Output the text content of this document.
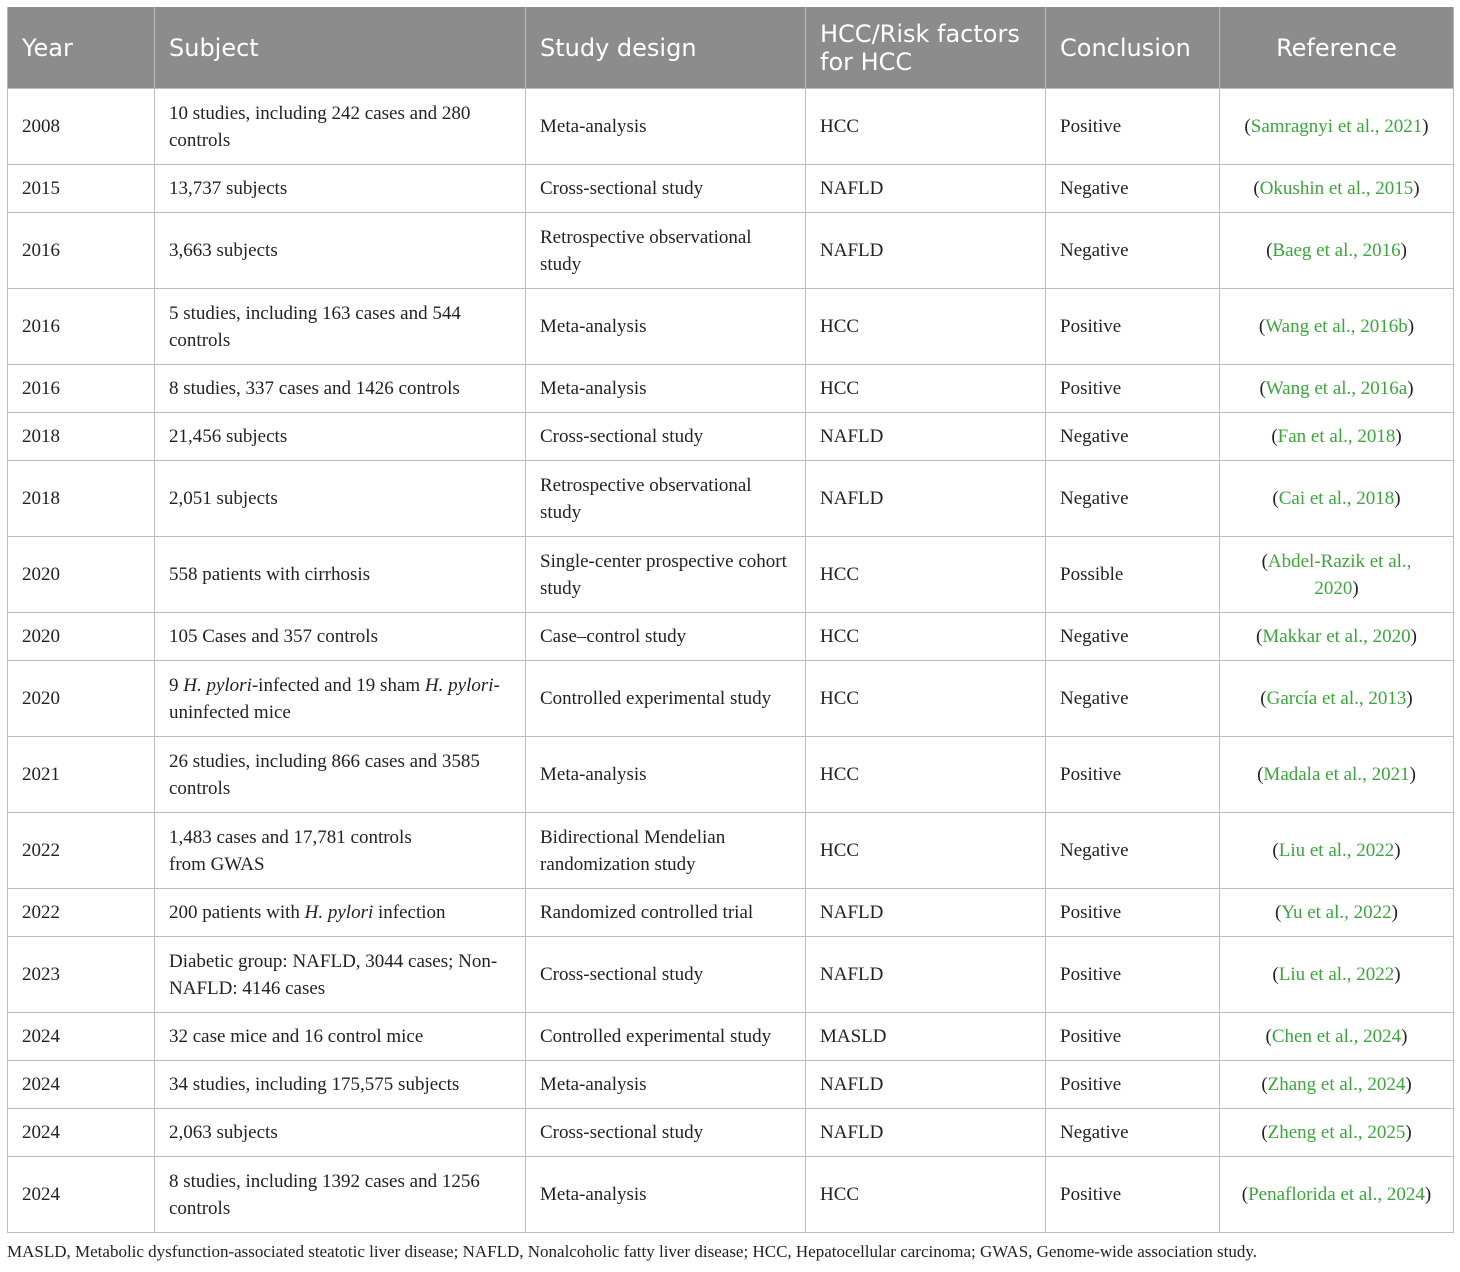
Year	Subject	Study design	HCC/Risk factors for HCC	Conclusion	Reference
2008	10 studies, including 242 cases and 280 controls	Meta-analysis	HCC	Positive	(Samragnyi et al., 2021)
2015	13,737 subjects	Cross-sectional study	NAFLD	Negative	(Okushin et al., 2015)
2016	3,663 subjects	Retrospective observational study	NAFLD	Negative	(Baeg et al., 2016)
2016	5 studies, including 163 cases and 544 controls	Meta-analysis	HCC	Positive	(Wang et al., 2016b)
2016	8 studies, 337 cases and 1426 controls	Meta-analysis	HCC	Positive	(Wang et al., 2016a)
2018	21,456 subjects	Cross-sectional study	NAFLD	Negative	(Fan et al., 2018)
2018	2,051 subjects	Retrospective observational study	NAFLD	Negative	(Cai et al., 2018)
2020	558 patients with cirrhosis	Single-center prospective cohort study	HCC	Possible	(Abdel-Razik et al., 2020)
2020	105 Cases and 357 controls	Case–control study	HCC	Negative	(Makkar et al., 2020)
2020	9 H. pylori-infected and 19 sham H. pylori-uninfected mice	Controlled experimental study	HCC	Negative	(García et al., 2013)
2021	26 studies, including 866 cases and 3585 controls	Meta-analysis	HCC	Positive	(Madala et al., 2021)
2022	1,483 cases and 17,781 controls from GWAS	Bidirectional Mendelian randomization study	HCC	Negative	(Liu et al., 2022)
2022	200 patients with H. pylori infection	Randomized controlled trial	NAFLD	Positive	(Yu et al., 2022)
2023	Diabetic group: NAFLD, 3044 cases; Non-NAFLD: 4146 cases	Cross-sectional study	NAFLD	Positive	(Liu et al., 2022)
2024	32 case mice and 16 control mice	Controlled experimental study	MASLD	Positive	(Chen et al., 2024)
2024	34 studies, including 175,575 subjects	Meta-analysis	NAFLD	Positive	(Zhang et al., 2024)
2024	2,063 subjects	Cross-sectional study	NAFLD	Negative	(Zheng et al., 2025)
2024	8 studies, including 1392 cases and 1256 controls	Meta-analysis	HCC	Positive	(Penaflorida et al., 2024)
MASLD, Metabolic dysfunction-associated steatotic liver disease; NAFLD, Nonalcoholic fatty liver disease; HCC, Hepatocellular carcinoma; GWAS, Genome-wide association study.
